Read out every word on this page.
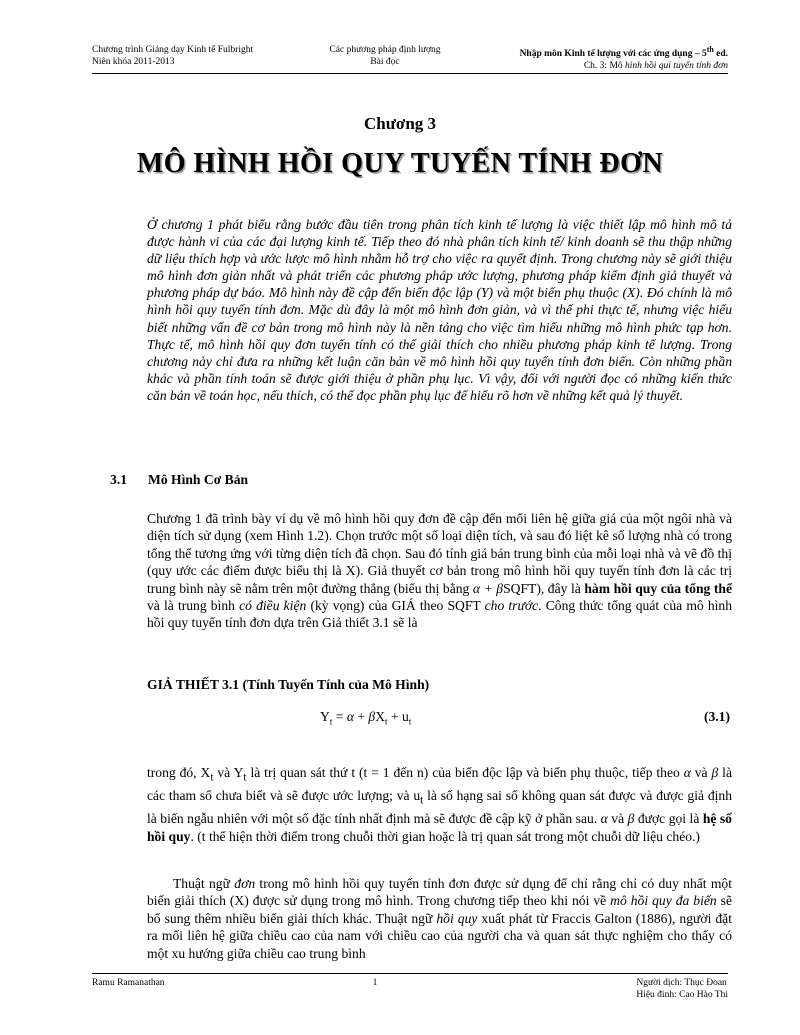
Chương trình Giảng dạy Kinh tế Fulbright
Niên khóa 2011-2013
Các phương pháp định lượng
Bài đọc
Nhập môn Kinh tế lượng với các ứng dụng – 5th ed.
Ch. 3: Mô hình hồi qui tuyến tính đơn
Chương 3
MÔ HÌNH HỒI QUY TUYẾN TÍNH ĐƠN

Ở chương 1 phát biểu rằng bước đầu tiên trong phân tích kinh tế lượng là việc thiết lập mô hình mô tả được hành vi của các đại lượng kinh tế. Tiếp theo đó nhà phân tích kinh tế/ kinh doanh sẽ thu thập những dữ liệu thích hợp và ước lược mô hình nhằm hỗ trợ cho việc ra quyết định. Trong chương này sẽ giới thiệu mô hình đơn giản nhất và phát triển các phương pháp ước lượng, phương pháp kiểm định giả thuyết và phương pháp dự báo. Mô hình này đề cập đến biến độc lập (Y) và một biến phụ thuộc (X). Đó chính là mô hình hồi quy tuyến tính đơn. Mặc dù đây là một mô hình đơn giản, và vì thế phi thực tế, nhưng việc hiểu biết những vấn đề cơ bản trong mô hình này là nền tảng cho việc tìm hiểu những mô hình phức tạp hơn. Thực tế, mô hình hồi quy đơn tuyến tính có thể giải thích cho nhiều phương pháp kinh tế lượng. Trong chương này chỉ đưa ra những kết luận căn bản về mô hình hồi quy tuyến tính đơn biến. Còn những phần khác và phần tính toán sẽ được giới thiệu ở phần phụ lục. Vì vậy, đối với người đọc có những kiến thức căn bản về toán học, nếu thích, có thể đọc phần phụ lục để hiểu rõ hơn về những kết quả lý thuyết.

3.1 Mô Hình Cơ Bản

Chương 1 đã trình bày ví dụ về mô hình hồi quy đơn đề cập đến mối liên hệ giữa giá của một ngôi nhà và diện tích sử dụng (xem Hình 1.2). Chọn trước một số loại diện tích, và sau đó liệt kê số lượng nhà có trong tổng thể tương ứng với từng diện tích đã chọn. Sau đó tính giá bán trung bình của mỗi loại nhà và vẽ đồ thị (quy ước các điểm được biểu thị là X). Giả thuyết cơ bản trong mô hình hồi quy tuyến tính đơn là các trị trung bình này sẽ nằm trên một đường thẳng (biểu thị bằng α + βSQFT), đây là hàm hồi quy của tổng thể và là trung bình có điều kiện (kỳ vọng) của GIÁ theo SQFT cho trước. Công thức tổng quát của mô hình hồi quy tuyến tính đơn dựa trên Giả thiết 3.1 sẽ là

GIẢ THIẾT 3.1 (Tính Tuyến Tính của Mô Hình)
$Y_t = \alpha + \beta X_t + u_t$	(3.1)

trong đó, $X_t$ và $Y_t$ là trị quan sát thứ t (t = 1 đến n) của biến độc lập và biến phụ thuộc, tiếp theo α và β là các tham số chưa biết và sẽ được ước lượng; và $u_t$ là số hạng sai số không quan sát được và được giả định là biến ngẫu nhiên với một số đặc tính nhất định mà sẽ được đề cập kỹ ở phần sau. α và β được gọi là hệ số hồi quy. (t thể hiện thời điểm trong chuỗi thời gian hoặc là trị quan sát trong một chuỗi dữ liệu chéo.)

Thuật ngữ đơn trong mô hình hồi quy tuyến tính đơn được sử dụng để chỉ rằng chỉ có duy nhất một biến giải thích (X) được sử dụng trong mô hình. Trong chương tiếp theo khi nói về mô hồi quy đa biến sẽ bổ sung thêm nhiều biến giải thích khác. Thuật ngữ hồi quy xuất phát từ Fraccis Galton (1886), người đặt ra mối liên hệ giữa chiều cao của nam với chiều cao của người cha và quan sát thực nghiệm cho thấy có một xu hướng giữa chiều cao trung bình

Ramu Ramanathan	1	Người dịch: Thục Đoan
Hiệu đính: Cao Hào Thi
